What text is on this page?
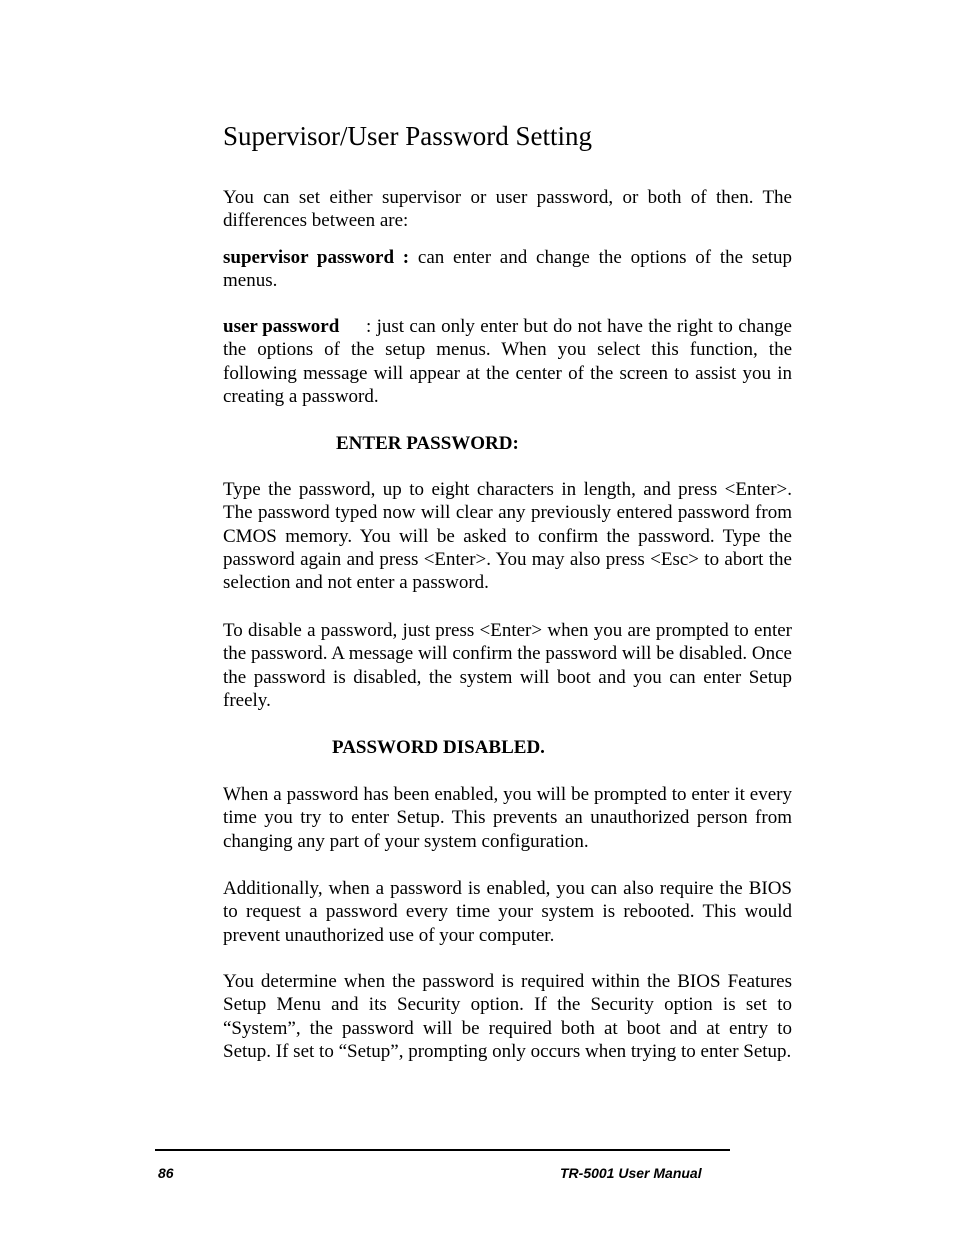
Supervisor/User Password Setting

You can set either supervisor or user password, or both of then. The differences between are:

supervisor password : can enter and change the options of the setup menus.

user password : just can only enter but do not have the right to change the options of the setup menus. When you select this function, the following message will appear at the center of the screen to assist you in creating a password.

ENTER PASSWORD:

Type the password, up to eight characters in length, and press <Enter>. The password typed now will clear any previously entered password from CMOS memory. You will be asked to confirm the password. Type the password again and press <Enter>. You may also press <Esc> to abort the selection and not enter a password.

To disable a password, just press <Enter> when you are prompted to enter the password. A message will confirm the password will be disabled. Once the password is disabled, the system will boot and you can enter Setup freely.

PASSWORD DISABLED.

When a password has been enabled, you will be prompted to enter it every time you try to enter Setup. This prevents an unauthorized person from changing any part of your system configuration.

Additionally, when a password is enabled, you can also require the BIOS to request a password every time your system is rebooted. This would prevent unauthorized use of your computer.

You determine when the password is required within the BIOS Features Setup Menu and its Security option. If the Security option is set to “System”, the password will be required both at boot and at entry to Setup. If set to “Setup”, prompting only occurs when trying to enter Setup.

86	TR-5001 User Manual
